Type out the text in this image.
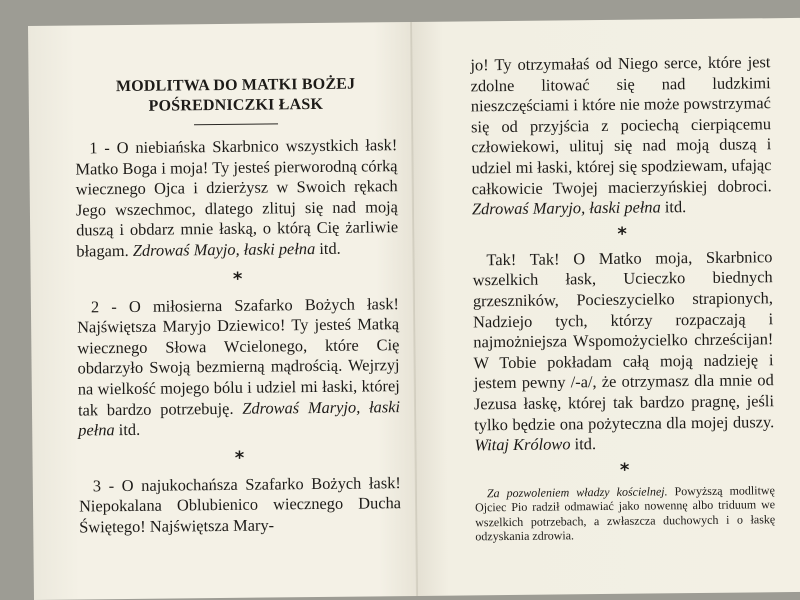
MODLITWA DO MATKI BOŻEJ
POŚREDNICZKI ŁASK

1 - O niebiańska Skarbnico wszystkich łask! Matko Boga i moja! Ty jesteś pierworodną córką wiecznego Ojca i dzierżysz w Swoich rękach Jego wszechmoc, dlatego zlituj się nad moją duszą i obdarz mnie łaską, o którą Cię żarliwie błagam. Zdrowaś Mayjo, łaski pełna itd.

*

2 - O miłosierna Szafarko Bożych łask! Najświętsza Maryjo Dziewico! Ty jesteś Matką wiecznego Słowa Wcielonego, które Cię obdarzyło Swoją bezmierną mądrością. Wejrzyj na wielkość mojego bólu i udziel mi łaski, której tak bardzo potrzebuję. Zdrowaś Maryjo, łaski pełna itd.

*

3 - O najukochańsza Szafarko Bożych łask! Niepokalana Oblubienico wiecznego Ducha Świętego! Najświętsza Mary-

jo! Ty otrzymałaś od Niego serce, które jest zdolne litować się nad ludzkimi nieszczęściami i które nie może powstrzymać się od przyjścia z pociechą cierpiącemu człowiekowi, ulituj się nad moją duszą i udziel mi łaski, której się spodziewam, ufając całkowicie Twojej macierzyńskiej dobroci. Zdrowaś Maryjo, łaski pełna itd.

*

Tak! Tak! O Matko moja, Skarbnico wszelkich łask, Ucieczko biednych grzeszników, Pocieszycielko strapionych, Nadziejo tych, którzy rozpaczają i najmożniejsza Wspomożycielko chrześcijan! W Tobie pokładam całą moją nadzieję i jestem pewny /-a/, że otrzymasz dla mnie od Jezusa łaskę, której tak bardzo pragnę, jeśli tylko będzie ona pożyteczna dla mojej duszy. Witaj Królowo itd.

*

Za pozwoleniem władzy kościelnej. Powyższą modlitwę Ojciec Pio radził odmawiać jako nowennę albo triduum we wszelkich potrzebach, a zwłaszcza duchowych i o łaskę odzyskania zdrowia.
